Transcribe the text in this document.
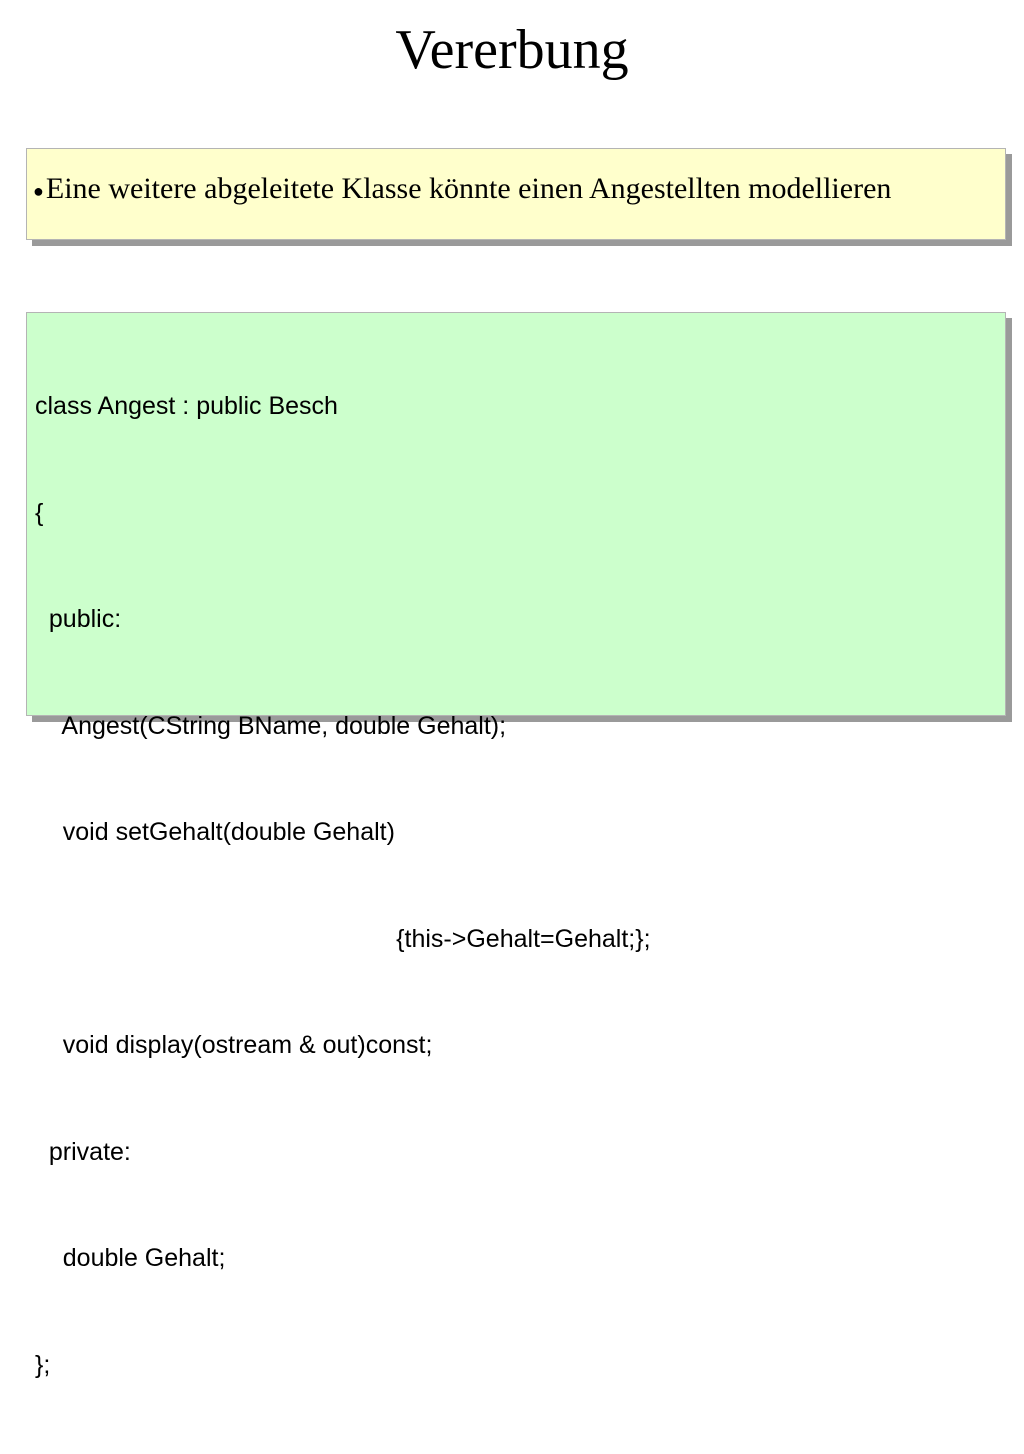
Vererbung
●Eine weitere abgeleitete Klasse könnte einen Angestellten modellieren

class Angest : public Besch

{

public:

Angest(CString BName, double Gehalt);

void setGehalt(double Gehalt)

{this->Gehalt=Gehalt;};

void display(ostream & out)const;

private:

double Gehalt;

};
